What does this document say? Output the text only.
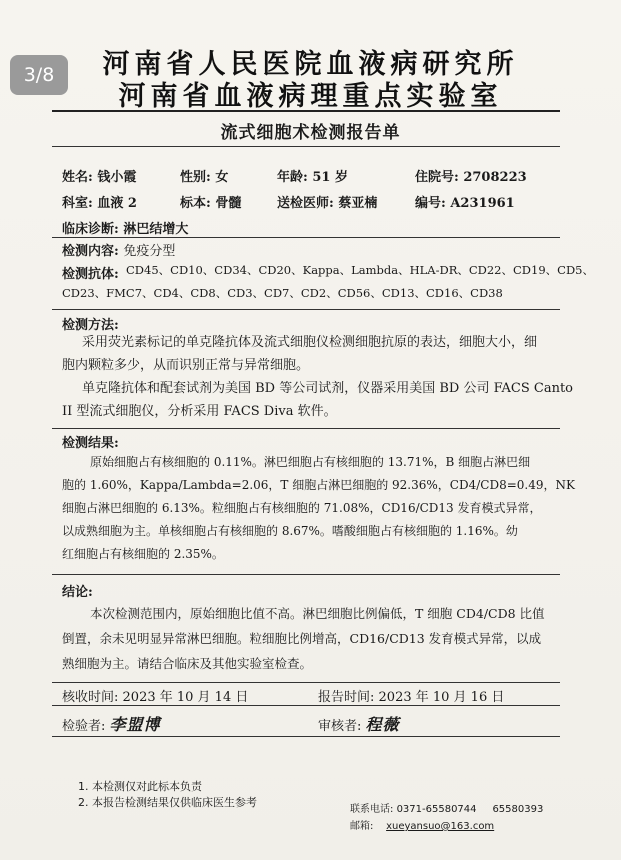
3/8	河南省人民医院血液病研究所
河南省血液病理重点实验室
流式细胞术检测报告单
姓名: 钱小霞	性别: 女	年龄: 51 岁	住院号: 2708223
科室: 血液 2	标本: 骨髓	送检医师: 蔡亚楠	编号: A231961
临床诊断: 淋巴结增大
检测内容: 免疫分型
检测抗体: CD45、CD10、CD34、CD20、Kappa、Lambda、HLA-DR、CD22、CD19、CD5、
CD23、FMC7、CD4、CD8、CD3、CD7、CD2、CD56、CD13、CD16、CD38
检测方法:
采用荧光素标记的单克隆抗体及流式细胞仪检测细胞抗原的表达，细胞大小，细
胞内颗粒多少，从而识别正常与异常细胞。
单克隆抗体和配套试剂为美国 BD 等公司试剂，仪器采用美国 BD 公司 FACS Canto
II 型流式细胞仪，分析采用 FACS Diva 软件。
检测结果:
原始细胞占有核细胞的 0.11%。淋巴细胞占有核细胞的 13.71%，B 细胞占淋巴细
胞的 1.60%，Kappa/Lambda=2.06，T 细胞占淋巴细胞的 92.36%，CD4/CD8=0.49，NK
细胞占淋巴细胞的 6.13%。粒细胞占有核细胞的 71.08%，CD16/CD13 发育模式异常，
以成熟细胞为主。单核细胞占有核细胞的 8.67%。嗜酸细胞占有核细胞的 1.16%。幼
红细胞占有核细胞的 2.35%。
结论:
本次检测范围内，原始细胞比值不高。淋巴细胞比例偏低，T 细胞 CD4/CD8 比值
倒置，余未见明显异常淋巴细胞。粒细胞比例增高，CD16/CD13 发育模式异常，以成
熟细胞为主。请结合临床及其他实验室检查。
核收时间: 2023 年 10 月 14 日	报告时间: 2023 年 10 月 16 日
检验者: 李盟博	审核者: 程薇
1. 本检测仅对此标本负责
2. 本报告检测结果仅供临床医生参考
联系电话: 0371-65580744 65580393
邮箱: xueyansuo@163.com
